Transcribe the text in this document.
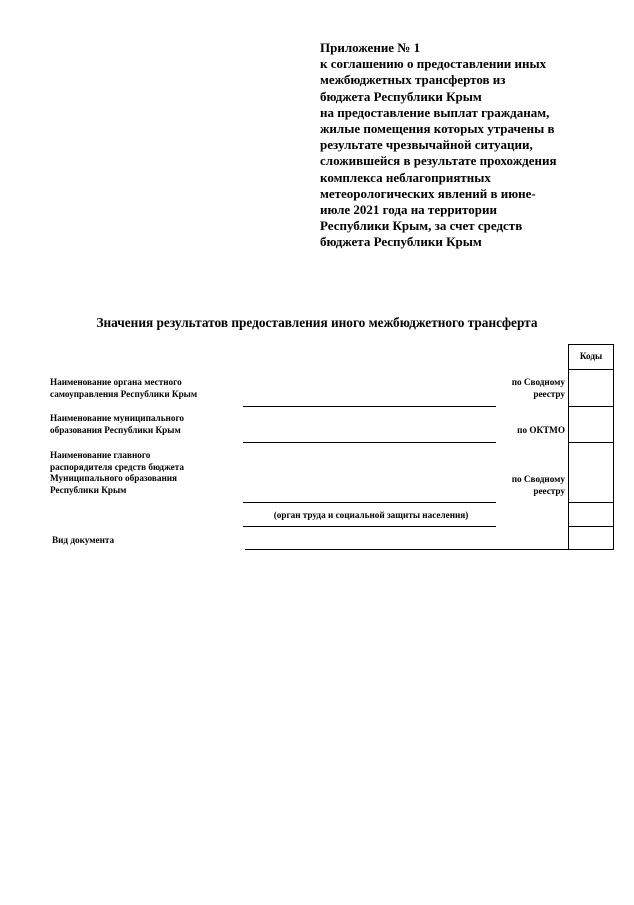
Приложение № 1
к соглашению о предоставлении иных
межбюджетных трансфертов из
бюджета Республики Крым
на предоставление выплат гражданам,
жилые помещения которых утрачены в
результате чрезвычайной ситуации,
сложившейся в результате прохождения
комплекса неблагоприятных
метеорологических явлений в июне-
июле 2021 года на территории
Республики Крым, за счет средств
бюджета Республики Крым
Значения результатов предоставления иного межбюджетного трансферта
Коды
Наименование органа местного
самоуправления Республики Крым
по Сводному
реестру
Наименование муниципального
образования Республики Крым	по ОКТМО
Наименование главного
распорядителя средств бюджета
Муниципального образования
Республики Крым
по Сводному
реестру
(орган труда и социальной защиты населения)
Вид документа
